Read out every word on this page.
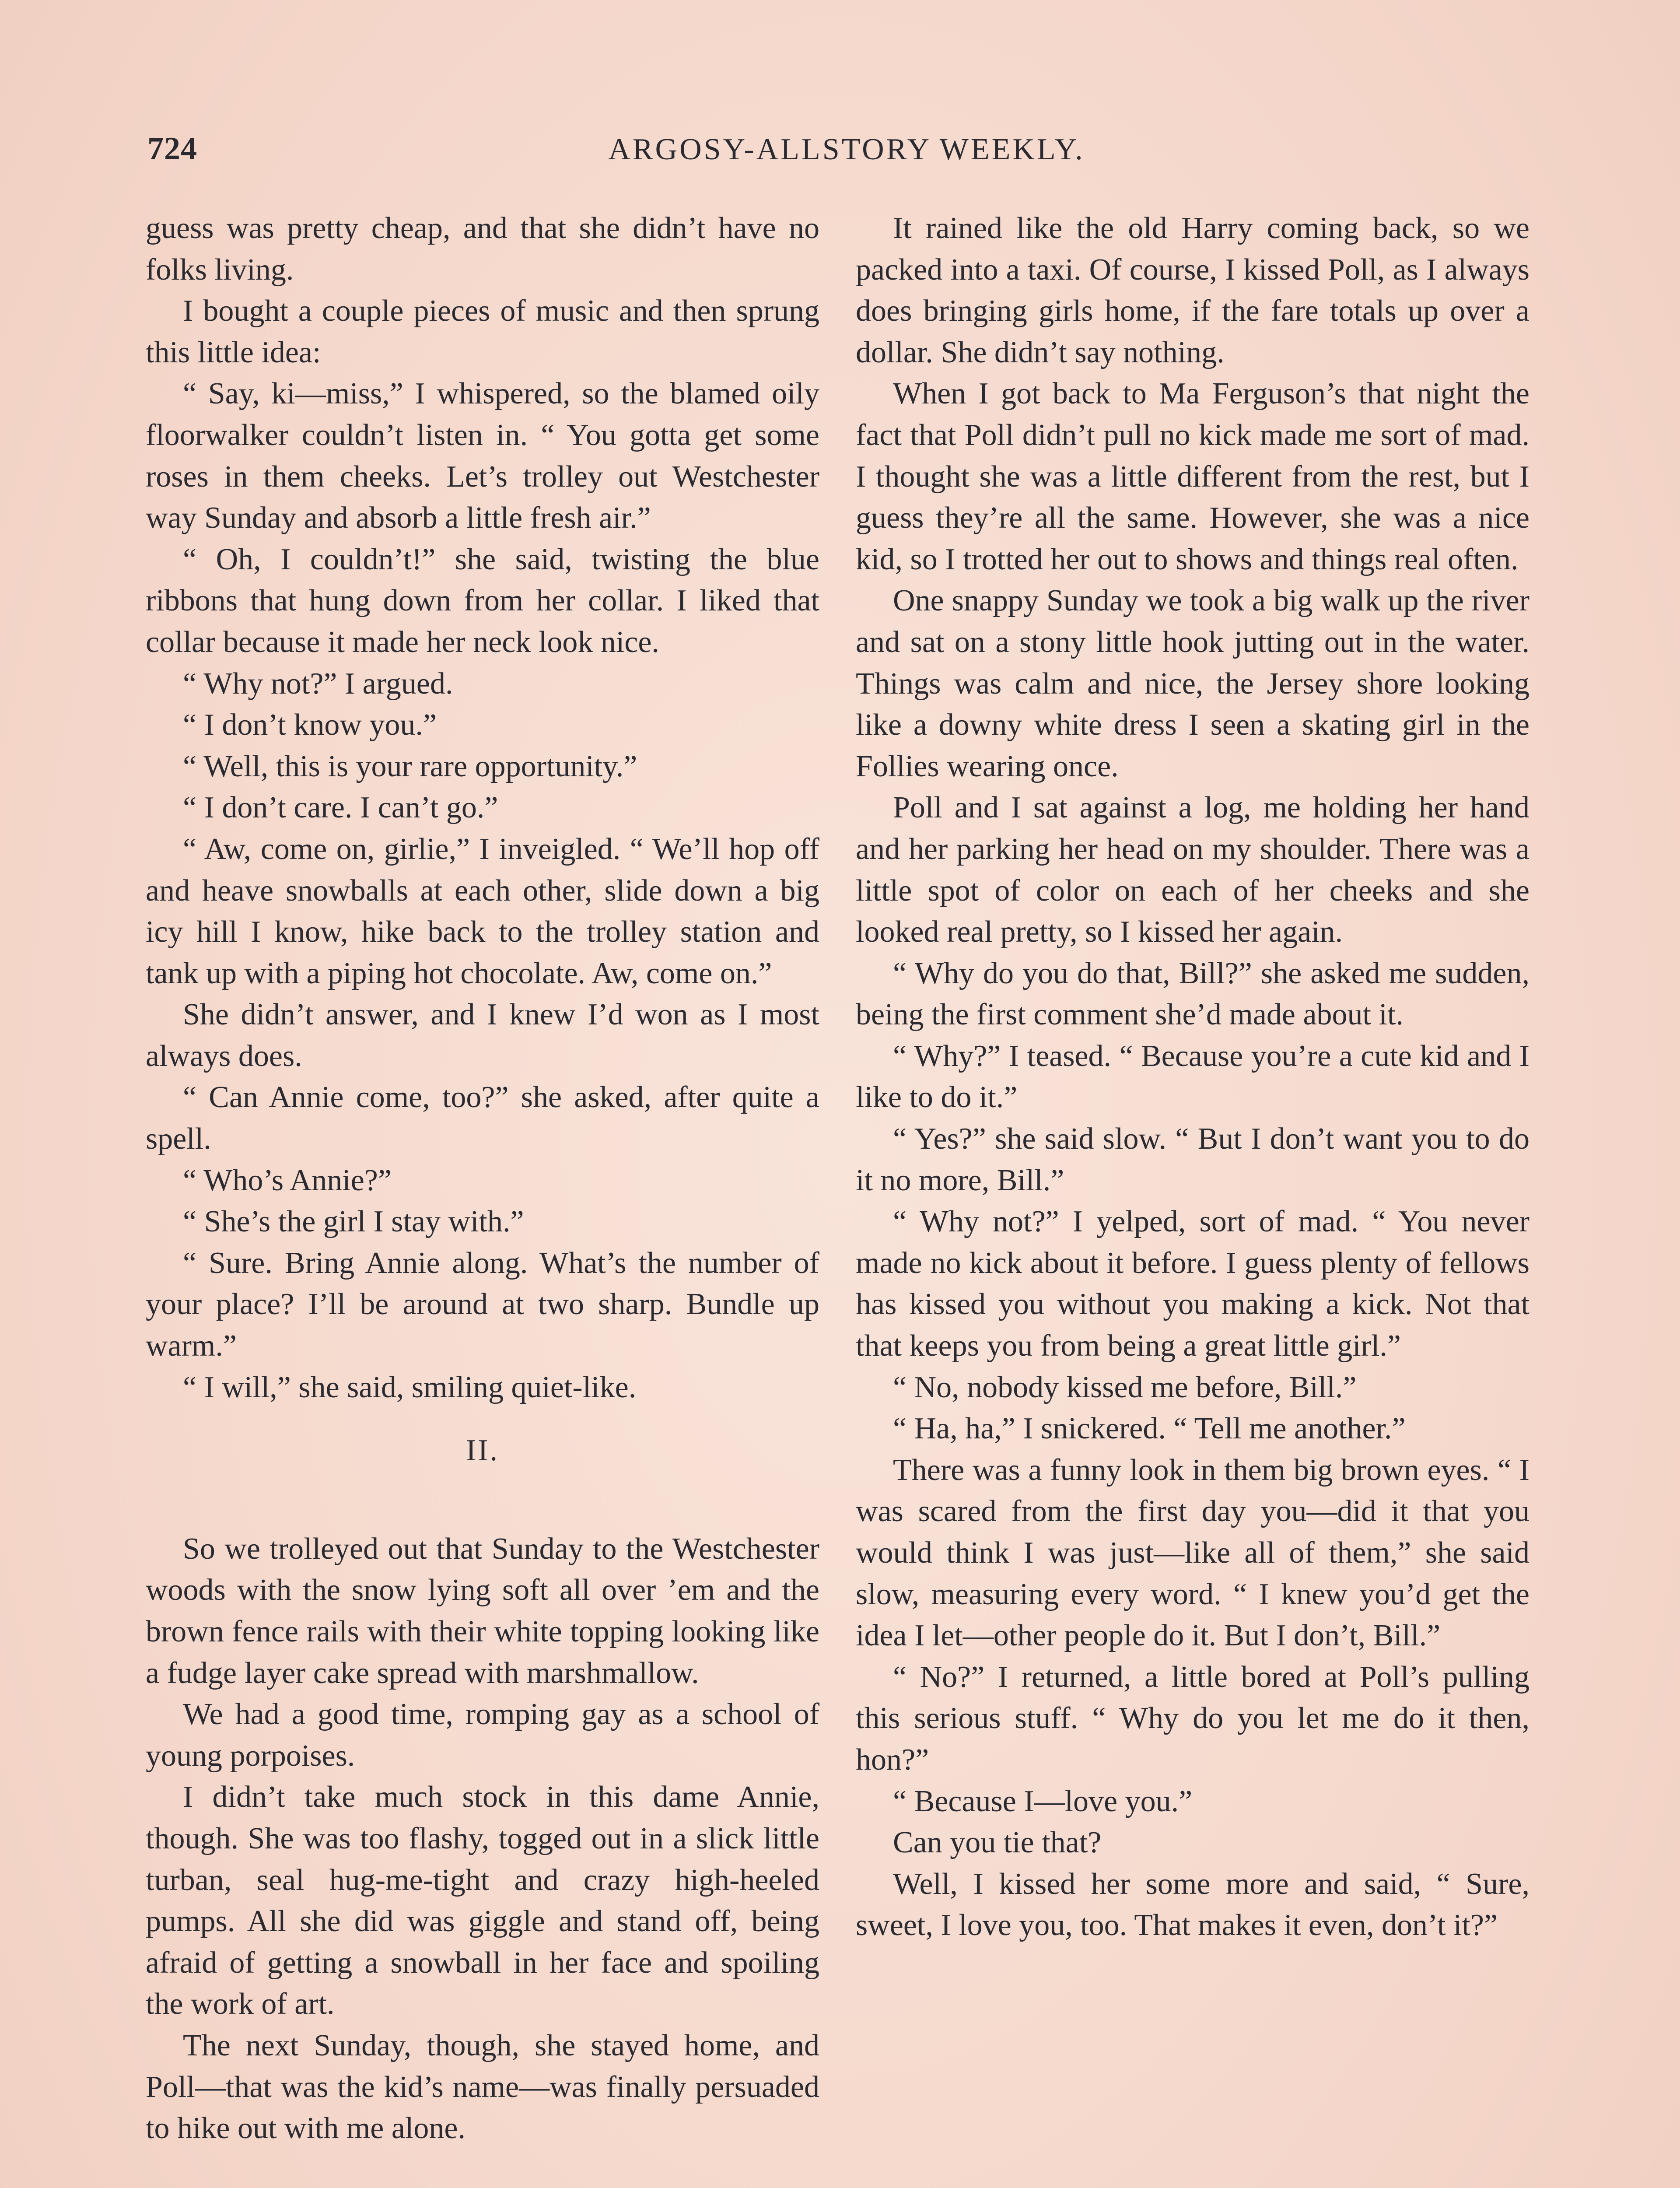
724	ARGOSY-ALLSTORY WEEKLY.

guess was pretty cheap, and that she didn’t have no folks living.

I bought a couple pieces of music and then sprung this little idea:

“ Say, ki—miss,” I whispered, so the blamed oily floorwalker couldn’t listen in. “ You gotta get some roses in them cheeks. Let’s trolley out Westchester way Sunday and absorb a little fresh air.”

“ Oh, I couldn’t!” she said, twisting the blue ribbons that hung down from her collar. I liked that collar because it made her neck look nice.

“ Why not?” I argued.

“ I don’t know you.”

“ Well, this is your rare opportunity.”

“ I don’t care. I can’t go.”

“ Aw, come on, girlie,” I inveigled. “ We’ll hop off and heave snowballs at each other, slide down a big icy hill I know, hike back to the trolley station and tank up with a piping hot chocolate. Aw, come on.”

She didn’t answer, and I knew I’d won as I most always does.

“ Can Annie come, too?” she asked, after quite a spell.

“ Who’s Annie?”

“ She’s the girl I stay with.”

“ Sure. Bring Annie along. What’s the number of your place? I’ll be around at two sharp. Bundle up warm.”

“ I will,” she said, smiling quiet-like.

II.

So we trolleyed out that Sunday to the Westchester woods with the snow lying soft all over ’em and the brown fence rails with their white topping looking like a fudge layer cake spread with marshmallow.

We had a good time, romping gay as a school of young porpoises.

I didn’t take much stock in this dame Annie, though. She was too flashy, togged out in a slick little turban, seal hug-me-tight and crazy high-heeled pumps. All she did was giggle and stand off, being afraid of getting a snowball in her face and spoiling the work of art.

The next Sunday, though, she stayed home, and Poll—that was the kid’s name—was finally persuaded to hike out with me alone.

It rained like the old Harry coming back, so we packed into a taxi. Of course, I kissed Poll, as I always does bringing girls home, if the fare totals up over a dollar. She didn’t say nothing.

When I got back to Ma Ferguson’s that night the fact that Poll didn’t pull no kick made me sort of mad. I thought she was a little different from the rest, but I guess they’re all the same. However, she was a nice kid, so I trotted her out to shows and things real often.

One snappy Sunday we took a big walk up the river and sat on a stony little hook jutting out in the water. Things was calm and nice, the Jersey shore looking like a downy white dress I seen a skating girl in the Follies wearing once.

Poll and I sat against a log, me holding her hand and her parking her head on my shoulder. There was a little spot of color on each of her cheeks and she looked real pretty, so I kissed her again.

“ Why do you do that, Bill?” she asked me sudden, being the first comment she’d made about it.

“ Why?” I teased. “ Because you’re a cute kid and I like to do it.”

“ Yes?” she said slow. “ But I don’t want you to do it no more, Bill.”

“ Why not?” I yelped, sort of mad. “ You never made no kick about it before. I guess plenty of fellows has kissed you without you making a kick. Not that that keeps you from being a great little girl.”

“ No, nobody kissed me before, Bill.”

“ Ha, ha,” I snickered. “ Tell me another.”

There was a funny look in them big brown eyes. “ I was scared from the first day you—did it that you would think I was just—like all of them,” she said slow, measuring every word. “ I knew you’d get the idea I let—other people do it. But I don’t, Bill.”

“ No?” I returned, a little bored at Poll’s pulling this serious stuff. “ Why do you let me do it then, hon?”

“ Because I—love you.”

Can you tie that?

Well, I kissed her some more and said, “ Sure, sweet, I love you, too. That makes it even, don’t it?”
